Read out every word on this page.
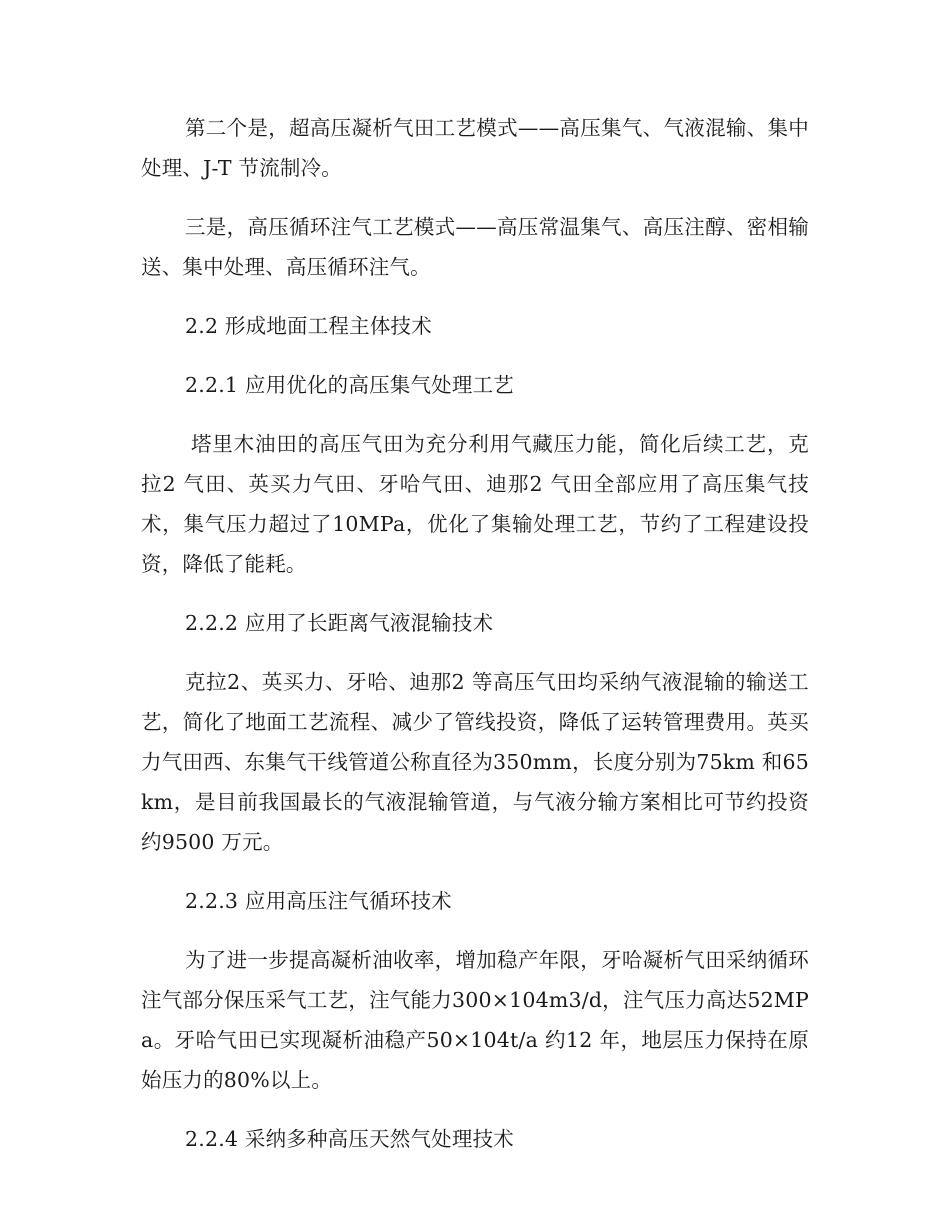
第二个是，超高压凝析气田工艺模式——高压集气、气液混输、集中处理、J-T 节流制冷。

三是，高压循环注气工艺模式——高压常温集气、高压注醇、密相输送、集中处理、高压循环注气。

2.2 形成地面工程主体技术

2.2.1 应用优化的高压集气处理工艺

塔里木油田的高压气田为充分利用气藏压力能，简化后续工艺，克拉2 气田、英买力气田、牙哈气田、迪那2 气田全部应用了高压集气技术，集气压力超过了10MPa，优化了集输处理工艺，节约了工程建设投资，降低了能耗。

2.2.2 应用了长距离气液混输技术

克拉2、英买力、牙哈、迪那2 等高压气田均采纳气液混输的输送工艺，简化了地面工艺流程、减少了管线投资，降低了运转管理费用。英买力气田西、东集气干线管道公称直径为350mm，长度分别为75km 和65km，是目前我国最长的气液混输管道，与气液分输方案相比可节约投资约9500 万元。

2.2.3 应用高压注气循环技术

为了进一步提高凝析油收率，增加稳产年限，牙哈凝析气田采纳循环注气部分保压采气工艺，注气能力300×104m3/d，注气压力高达52MPa。牙哈气田已实现凝析油稳产50×104t/a 约12 年，地层压力保持在原始压力的80%以上。

2.2.4 采纳多种高压天然气处理技术
